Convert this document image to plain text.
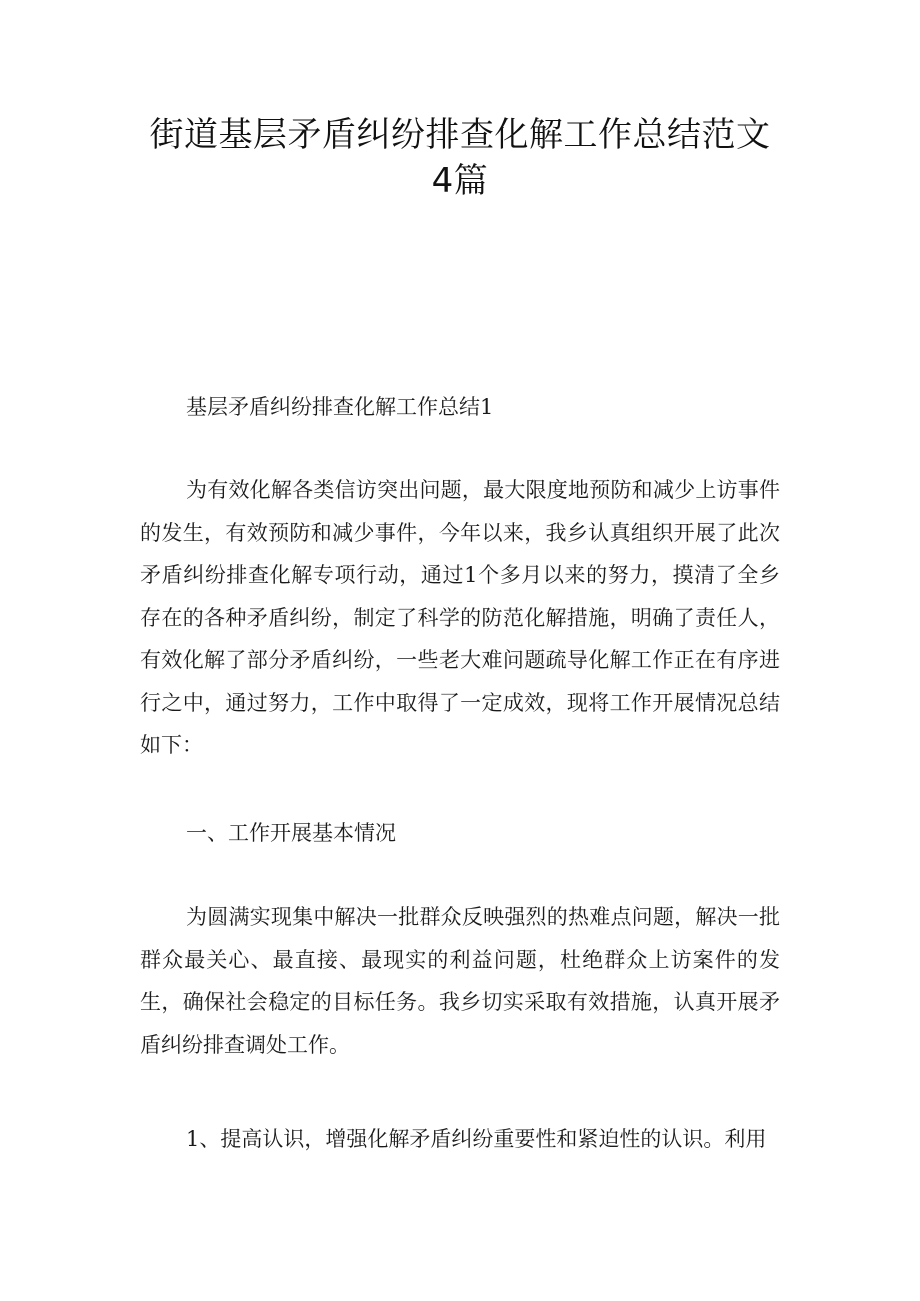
街道基层矛盾纠纷排查化解工作总结范文4篇

基层矛盾纠纷排查化解工作总结1

为有效化解各类信访突出问题，最大限度地预防和减少上访事件的发生，有效预防和减少事件，今年以来，我乡认真组织开展了此次矛盾纠纷排查化解专项行动，通过1个多月以来的努力，摸清了全乡存在的各种矛盾纠纷，制定了科学的防范化解措施，明确了责任人，有效化解了部分矛盾纠纷，一些老大难问题疏导化解工作正在有序进行之中，通过努力，工作中取得了一定成效，现将工作开展情况总结如下：

一、工作开展基本情况

为圆满实现集中解决一批群众反映强烈的热难点问题，解决一批群众最关心、最直接、最现实的利益问题，杜绝群众上访案件的发生，确保社会稳定的目标任务。我乡切实采取有效措施，认真开展矛盾纠纷排查调处工作。

1、提高认识，增强化解矛盾纠纷重要性和紧迫性的认识。利用
